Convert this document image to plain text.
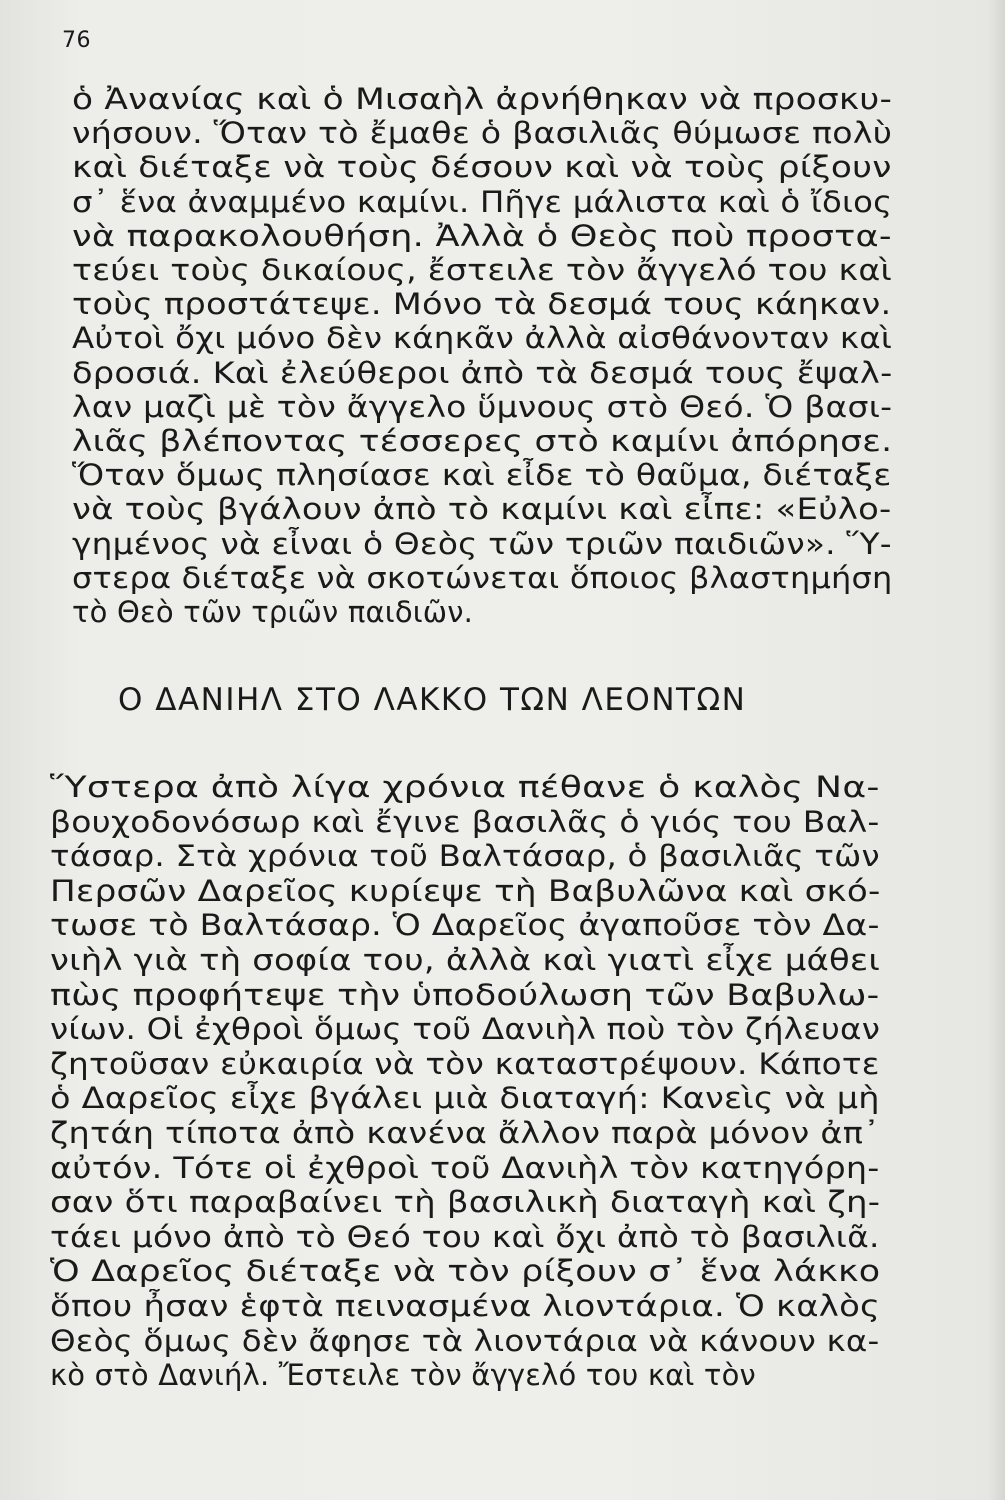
76
ὁ Ἀνανίας καὶ ὁ Μισαὴλ ἀρνήθηκαν νὰ προσκυ-
νήσουν. Ὅταν τὸ ἔμαθε ὁ βασιλιᾶς θύμωσε πολὺ
καὶ διέταξε νὰ τοὺς δέσουν καὶ νὰ τοὺς ρίξουν
σ᾽ ἕνα ἀναμμένο καμίνι. Πῆγε μάλιστα καὶ ὁ ἴδιος
νὰ παρακολουθήση. Ἀλλὰ ὁ Θεὸς ποὺ προστα-
τεύει τοὺς δικαίους, ἔστειλε τὸν ἄγγελό του καὶ
τοὺς προστάτεψε. Μόνο τὰ δεσμά τους κάηκαν.
Αὐτοὶ ὄχι μόνο δὲν κάηκᾶν ἀλλὰ αἰσθάνονταν καὶ
δροσιά. Καὶ ἐλεύθεροι ἀπὸ τὰ δεσμά τους ἔψαλ-
λαν μαζὶ μὲ τὸν ἄγγελο ὕμνους στὸ Θεό. Ὁ βασι-
λιᾶς βλέποντας τέσσερες στὸ καμίνι ἀπόρησε.
Ὅταν ὅμως πλησίασε καὶ εἶδε τὸ θαῦμα, διέταξε
νὰ τοὺς βγάλουν ἀπὸ τὸ καμίνι καὶ εἶπε: «Εὐλο-
γημένος νὰ εἶναι ὁ Θεὸς τῶν τριῶν παιδιῶν». Ὕ-
στερα διέταξε νὰ σκοτώνεται ὅποιος βλαστημήση
τὸ Θεὸ τῶν τριῶν παιδιῶν.
Ο ΔΑΝΙΗΛ ΣΤΟ ΛΑΚΚΟ ΤΩΝ ΛΕΟΝΤΩΝ
Ὕστερα ἀπὸ λίγα χρόνια πέθανε ὁ καλὸς Να-
βουχοδονόσωρ καὶ ἔγινε βασιλᾶς ὁ γιός του Βαλ-
τάσαρ. Στὰ χρόνια τοῦ Βαλτάσαρ, ὁ βασιλιᾶς τῶν
Περσῶν Δαρεῖος κυρίεψε τὴ Βαβυλῶνα καὶ σκό-
τωσε τὸ Βαλτάσαρ. Ὁ Δαρεῖος ἀγαποῦσε τὸν Δα-
νιὴλ γιὰ τὴ σοφία του, ἀλλὰ καὶ γιατὶ εἶχε μάθει
πὼς προφήτεψε τὴν ὑποδούλωση τῶν Βαβυλω-
νίων. Οἱ ἐχθροὶ ὅμως τοῦ Δανιὴλ ποὺ τὸν ζήλευαν
ζητοῦσαν εὐκαιρία νὰ τὸν καταστρέψουν. Κάποτε
ὁ Δαρεῖος εἶχε βγάλει μιὰ διαταγή: Κανεὶς νὰ μὴ
ζητάη τίποτα ἀπὸ κανένα ἄλλον παρὰ μόνον ἀπ᾽
αὐτόν. Τότε οἱ ἐχθροὶ τοῦ Δανιὴλ τὸν κατηγόρη-
σαν ὅτι παραβαίνει τὴ βασιλικὴ διαταγὴ καὶ ζη-
τάει μόνο ἀπὸ τὸ Θεό του καὶ ὄχι ἀπὸ τὸ βασιλιᾶ.
Ὁ Δαρεῖος διέταξε νὰ τὸν ρίξουν σ᾽ ἕνα λάκκο
ὅπου ἦσαν ἑφτὰ πεινασμένα λιοντάρια. Ὁ καλὸς
Θεὸς ὅμως δὲν ἄφησε τὰ λιοντάρια νὰ κάνουν κα-
κὸ στὸ Δανιήλ. Ἔστειλε τὸν ἄγγελό του καὶ τὸν
